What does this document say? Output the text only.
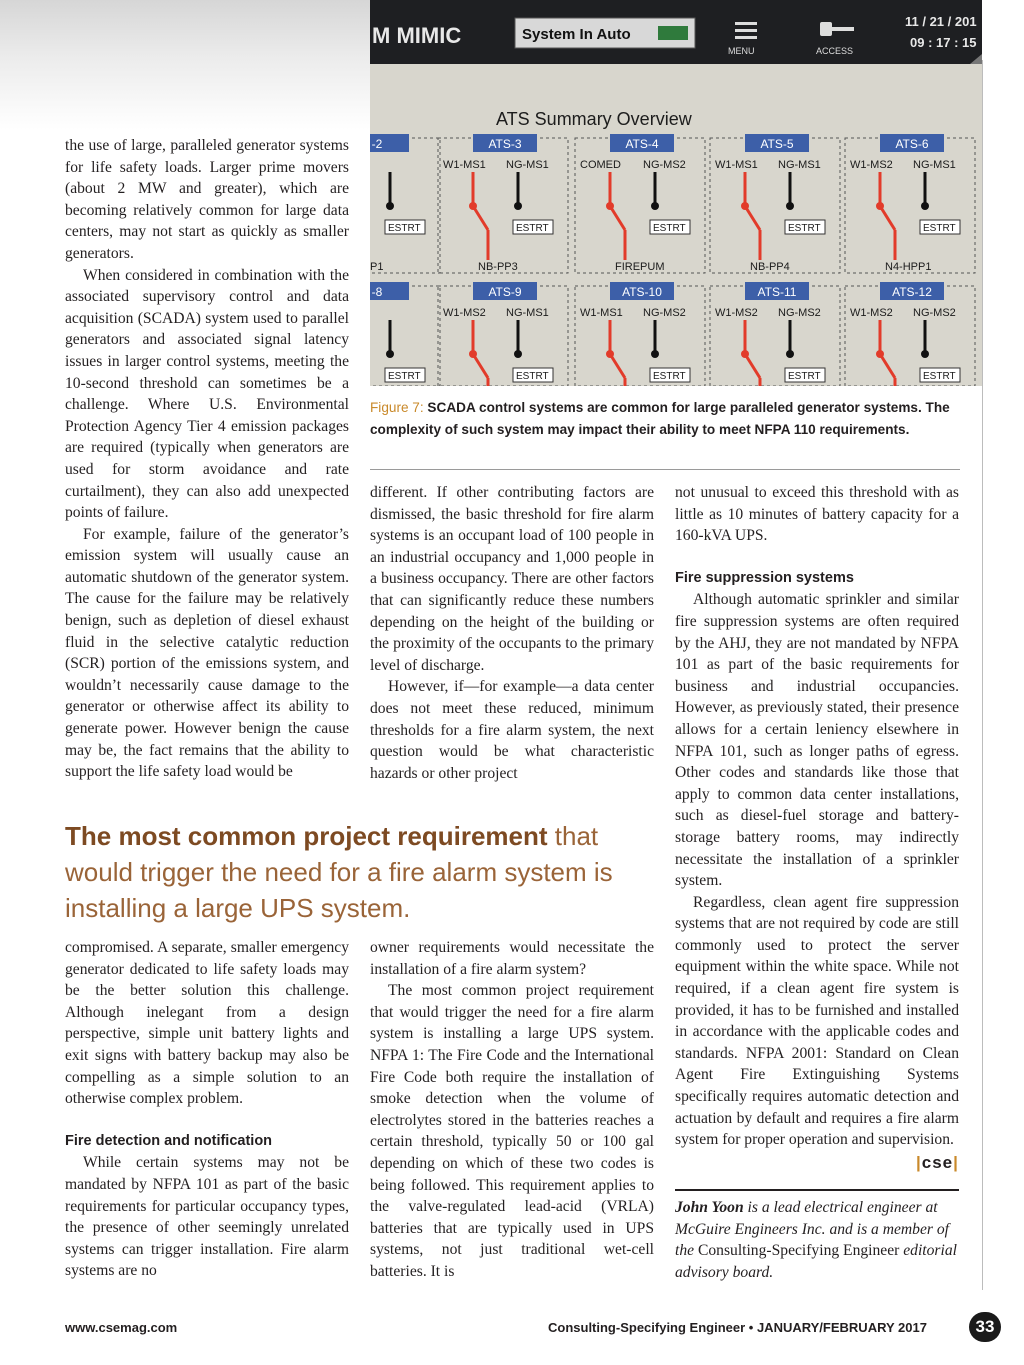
M MIMIC	System In Auto
MENU	ACCESS
11 / 21 / 201
09 : 17 : 15
ATS Summary Overview
-2
ESTRT
ATS-3
W1-MS1 NG-MS1
ESTRT
NB-PP3
ATS-4
COMED NG-MS2
ESTRT
FIREPUM
ATS-5
W1-MS1 NG-MS1
ESTRT
NB-PP4
ATS-6
W1-MS2 NG-MS1
ESTRT
N4-HPP1
-8
ESTRT
ATS-9
W1-MS2 NG-MS1
ESTRT
ATS-10
W1-MS1 NG-MS2
ESTRT
ATS-11
W1-MS2 NG-MS2
ESTRT
ATS-12
W1-MS2 NG-MS2
ESTRT
P1
Figure 7: SCADA control systems are common for large paralleled generator systems. The complexity of such system may impact their ability to meet NFPA 110 requirements.

the use of large, paralleled generator systems for life safety loads. Larger prime movers (about 2 MW and greater), which are becoming relatively common for large data centers, may not start as quickly as smaller generators.

When considered in combination with the associated supervisory control and data acquisition (SCADA) system used to parallel generators and associated signal latency issues in larger control systems, meeting the 10-second threshold can sometimes be a challenge. Where U.S. Environmental Protection Agency Tier 4 emission packages are required (typically when generators are used for storm avoidance and rate curtailment), they can also add unexpected points of failure.

For example, failure of the generator’s emission system will usually cause an automatic shutdown of the generator system. The cause for the failure may be relatively benign, such as depletion of diesel exhaust fluid in the selective catalytic reduction (SCR) portion of the emissions system, and wouldn’t necessarily cause damage to the generator or otherwise affect its ability to generate power. However benign the cause may be, the fact remains that the ability to support the life safety load would be

compromised. A separate, smaller emergency generator dedicated to life safety loads may be the better solution this challenge. Although inelegant from a design perspective, simple unit battery lights and exit signs with battery backup may also be compelling as a simple solution to an otherwise complex problem.

Fire detection and notification

While certain systems may not be mandated by NFPA 101 as part of the basic requirements for particular occupancy types, the presence of other seemingly unrelated systems can trigger installation. Fire alarm systems are no

different. If other contributing factors are dismissed, the basic threshold for fire alarm systems is an occupant load of 100 people in an industrial occupancy and 1,000 people in a business occupancy. There are other factors that can significantly reduce these numbers depending on the height of the building or the proximity of the occupants to the primary level of discharge.

However, if—for example—a data center does not meet these reduced, minimum thresholds for a fire alarm system, the next question would be what characteristic hazards or other project

owner requirements would necessitate the installation of a fire alarm system?

The most common project requirement that would trigger the need for a fire alarm system is installing a large UPS system. NFPA 1: The Fire Code and the International Fire Code both require the installation of smoke detection when the volume of electrolytes stored in the batteries reaches a certain threshold, typically 50 or 100 gal depending on which of these two codes is being followed. This requirement applies to the valve-regulated lead-acid (VRLA) batteries that are typically used in UPS systems, not just traditional wet-cell batteries. It is

not unusual to exceed this threshold with as little as 10 minutes of battery capacity for a 160-kVA UPS.

Fire suppression systems

Although automatic sprinkler and similar fire suppression systems are often required by the AHJ, they are not mandated by NFPA 101 as part of the basic requirements for business and industrial occupancies. However, as previously stated, their presence allows for a certain leniency elsewhere in NFPA 101, such as longer paths of egress. Other codes and standards like those that apply to common data center installations, such as diesel-fuel storage and battery-storage battery rooms, may indirectly necessitate the installation of a sprinkler system.

Regardless, clean agent fire suppression systems that are not required by code are still commonly used to protect the server equipment within the white space. While not required, if a clean agent fire system is provided, it has to be furnished and installed in accordance with the applicable codes and standards. NFPA 2001: Standard on Clean Agent Fire Extinguishing Systems specifically requires automatic detection and actuation by default and requires a fire alarm system for proper operation and supervision.

|cse|
John Yoon is a lead electrical engineer at McGuire Engineers Inc. and is a member of the Consulting-Specifying Engineer editorial advisory board.
The most common project requirement that would trigger the need for a fire alarm system is installing a large UPS system.
www.csemag.com	Consulting-Specifying Engineer • JANUARY/FEBRUARY 2017	33
